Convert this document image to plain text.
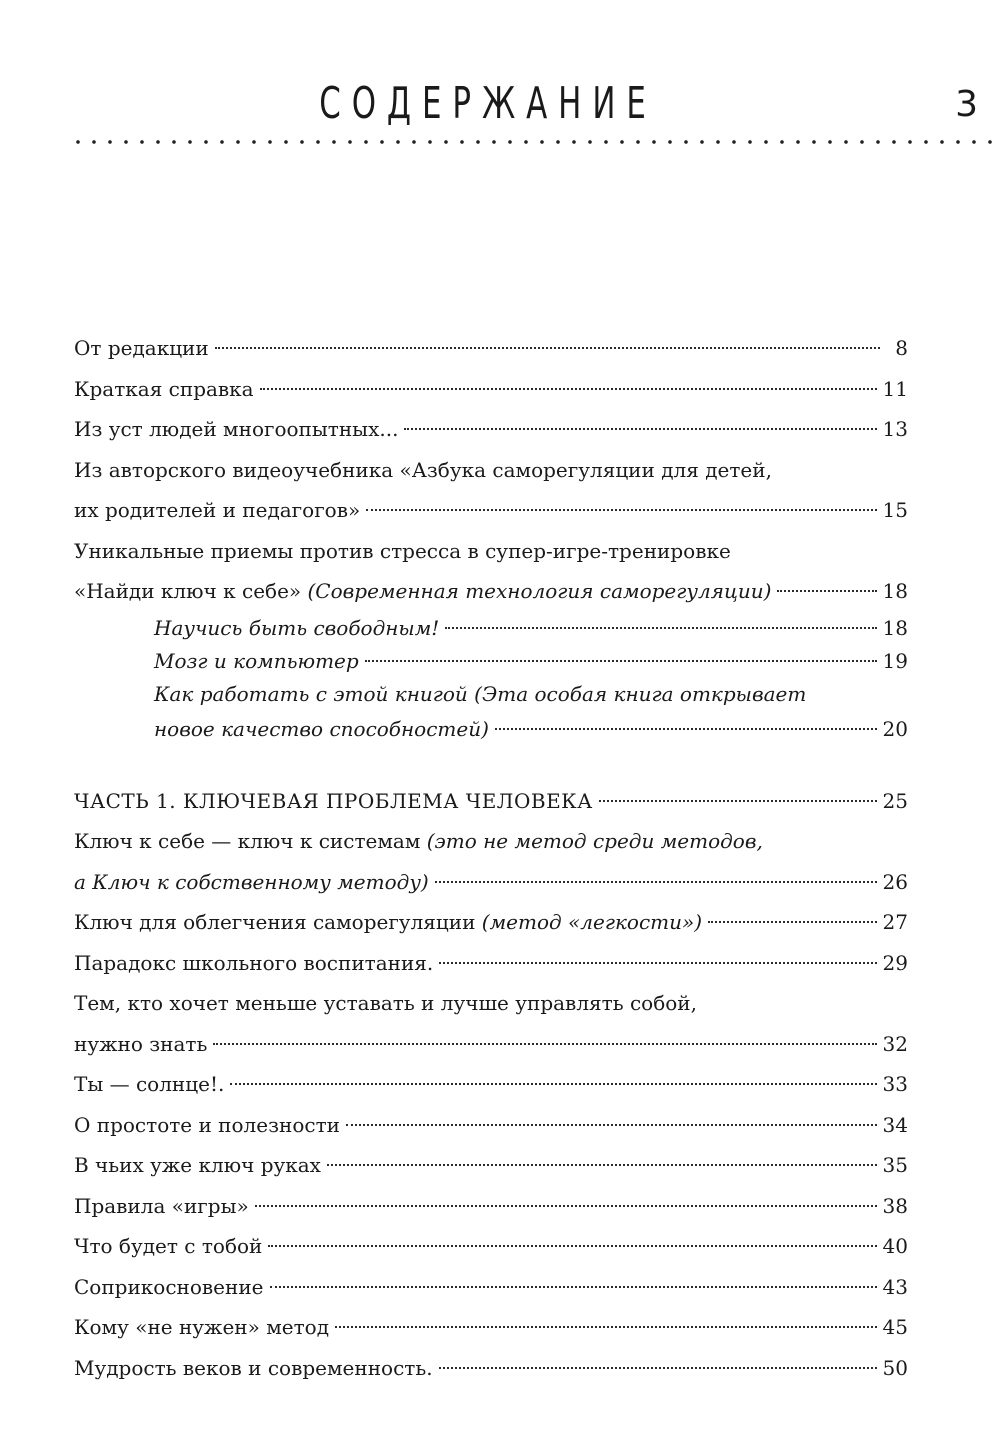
СОДЕРЖАНИЕ	3
От редакции	8
Краткая справка	11
Из уст людей многоопытных...	13
Из авторского видеоучебника «Азбука саморегуляции для детей,
их родителей и педагогов»	15
Уникальные приемы против стресса в супер-игре-тренировке
«Найди ключ к себе» (Современная технология саморегуляции)	18
Научись быть свободным!	18
Мозг и компьютер	19
Как работать с этой книгой (Эта особая книга открывает
новое качество способностей)	20
ЧАСТЬ 1. КЛЮЧЕВАЯ ПРОБЛЕМА ЧЕЛОВЕКА	25
Ключ к себе — ключ к системам (это не метод среди методов,
а Ключ к собственному методу)	26
Ключ для облегчения саморегуляции (метод «легкости»)	27
Парадокс школьного воспитания.	29
Тем, кто хочет меньше уставать и лучше управлять собой,
нужно знать	32
Ты — солнце!.	33
О простоте и полезности	34
В чьих уже ключ руках	35
Правила «игры»	38
Что будет с тобой	40
Соприкосновение	43
Кому «не нужен» метод	45
Мудрость веков и современность.	50
